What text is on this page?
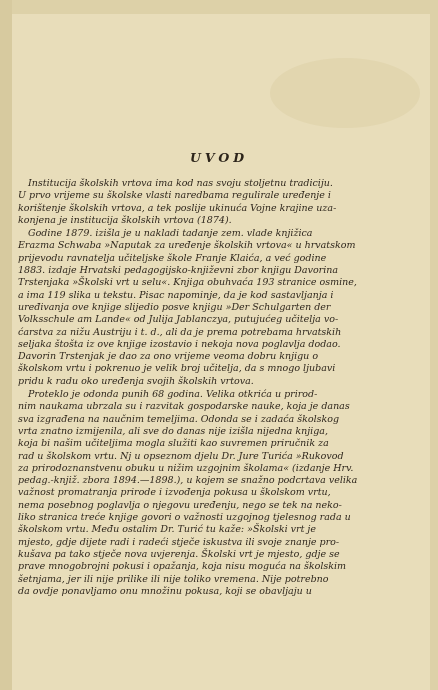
UVOD
Institucija školskih vrtova ima kod nas svoju stoljetnu tradiciju.
U prvo vrijeme su školske vlasti naredbama regulirale uređenje i
korištenje školskih vrtova, a tek poslije ukinuća Vojne krajine uza-
konjena je institucija školskih vrtova (1874).
Godine 1879. izišla je u nakladi tadanje zem. vlade knjižica
Erazma Schwaba »Naputak za uređenje školskih vrtova« u hrvatskom
prijevodu ravnatelja učiteljske škole Franje Klaića, a već godine
1883. izdaje Hrvatski pedagogijsko-književni zbor knjigu Davorina
Trstenjaka »Školski vrt u selu«. Knjiga obuhvaća 193 stranice osmine,
a ima 119 slika u tekstu. Pisac napominje, da je kod sastavljanja i
uređivanja ove knjige slijedio posve knjigu »Der Schulgarten der
Volksschule am Lande« od Julija Jablanczya, putujućeg učitelja vo-
ćarstva za nižu Austriju i t. d., ali da je prema potrebama hrvatskih
seljaka štošta iz ove knjige izostavio i nekoja nova poglavlja dodao.
Davorin Trstenjak je dao za ono vrijeme veoma dobru knjigu o
školskom vrtu i pokrenuo je velik broj učitelja, da s mnogo ljubavi
pridu k radu oko uređenja svojih školskih vrtova.
Proteklo je odonda punih 68 godina. Velika otkrića u prirod-
nim naukama ubrzala su i razvitak gospodarske nauke, koja je danas
sva izgrađena na naučnim temeljima. Odonda se i zadaća školskog
vrta znatno izmijenila, ali sve do danas nije izišla nijedna knjiga,
koja bi našim učiteljima mogla služiti kao suvremen priručnik za
rad u školskom vrtu. Nj u opseznom djelu Dr. Jure Turića »Rukovod
za prirodoznanstvenu obuku u nižim uzgojnim školama« (izdanje Hrv.
pedag.-knjiž. zbora 1894.—1898.), u kojem se snažno podcrtava velika
važnost promatranja prirode i izvođenja pokusa u školskom vrtu,
nema posebnog poglavlja o njegovu uređenju, nego se tek na neko-
liko stranica treće knjige govori o važnosti uzgojnog tjelesnog rada u
školskom vrtu. Među ostalim Dr. Turić tu kaže: »Školski vrt je
mjesto, gdje dijete radi i radeći stječe iskustva ili svoje znanje pro-
kušava pa tako stječe nova uvjerenja. Školski vrt je mjesto, gdje se
prave mnogobrojni pokusi i opažanja, koja nisu moguća na školskim
šetnjama, jer ili nije prilike ili nije toliko vremena. Nije potrebno
da ovdje ponavljamo onu množinu pokusa, koji se obavljaju u
